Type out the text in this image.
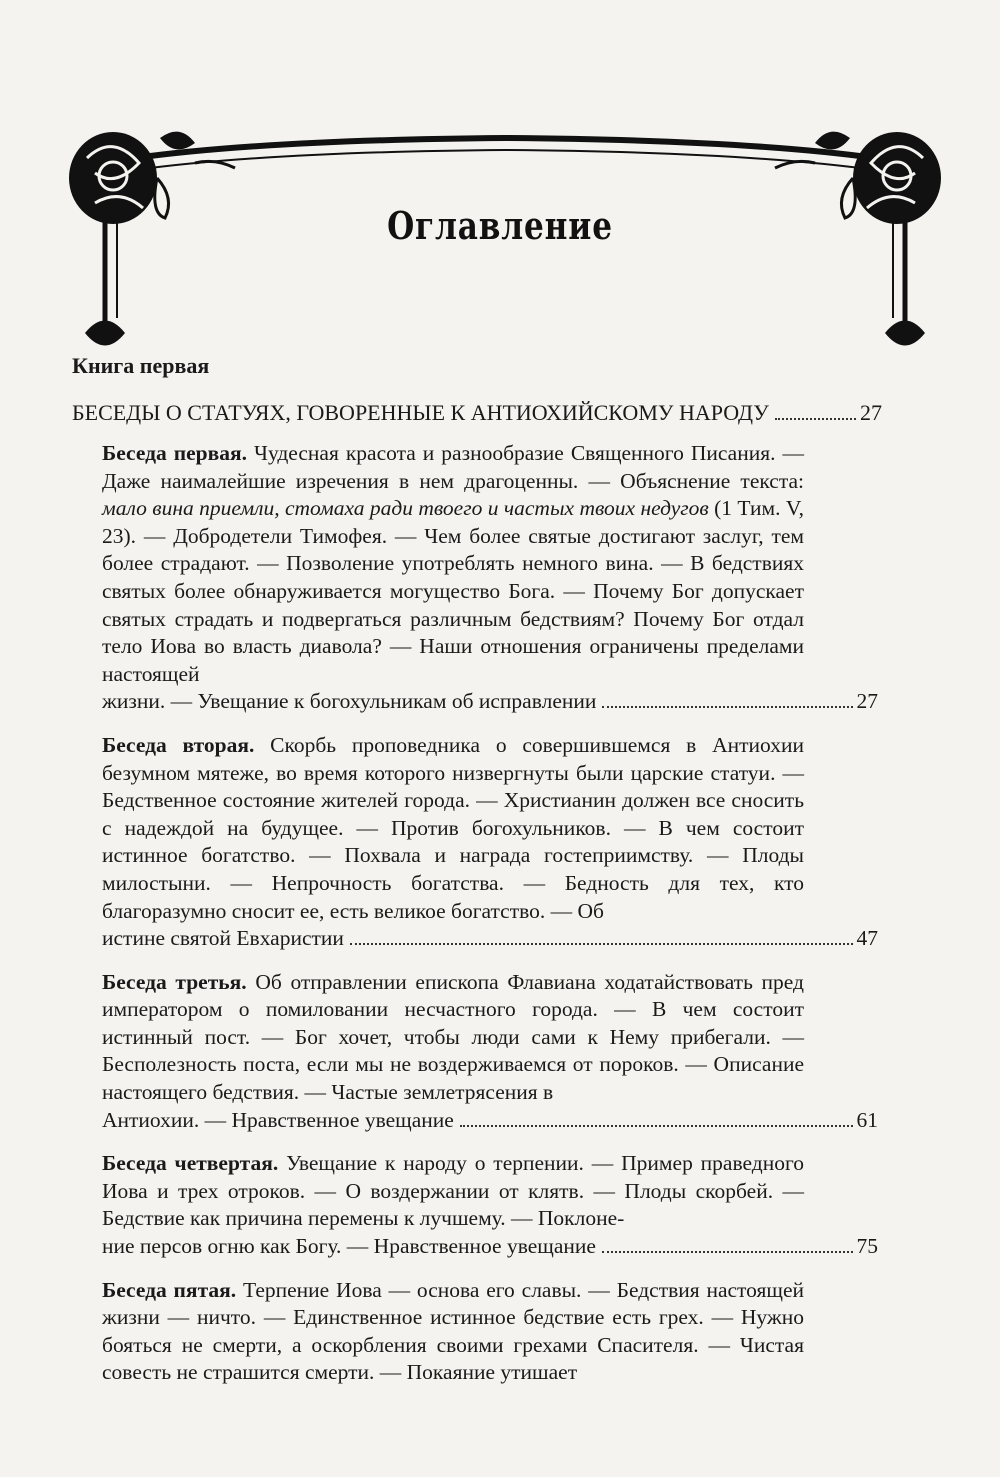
Оглавление
Книга первая
БЕСЕДЫ О СТАТУЯХ, ГОВОРЕННЫЕ К АНТИОХИЙСКОМУ НАРОДУ	27
Беседа первая. Чудесная красота и разнообразие Священного Писания. — Даже наималейшие изречения в нем драгоценны. — Объяснение текста: мало вина приемли, стомаха ради твоего и частых твоих недугов (1 Тим. V, 23). — Добродетели Тимофея. — Чем более святые достигают заслуг, тем более страдают. — Позволение употреблять немного вина. — В бедствиях святых более обнаруживается могущество Бога. — Почему Бог допускает святых страдать и подвергаться различным бедствиям? Почему Бог отдал тело Иова во власть диавола? — Наши отношения ограничены пределами настоящей
жизни. — Увещание к богохульникам об исправлении	27
Беседа вторая. Скорбь проповедника о совершившемся в Антиохии безумном мятеже, во время которого низвергнуты были царские статуи. — Бедственное состояние жителей города. — Христианин должен все сносить с надеждой на будущее. — Против богохульников. — В чем состоит истинное богатство. — Похвала и награда гостеприимству. — Плоды милостыни. — Непрочность богатства. — Бедность для тех, кто благоразумно сносит ее, есть великое богатство. — Об
истине святой Евхаристии	47
Беседа третья. Об отправлении епископа Флавиана ходатайствовать пред императором о помиловании несчастного города. — В чем состоит истинный пост. — Бог хочет, чтобы люди сами к Нему прибегали. — Бесполезность поста, если мы не воздерживаемся от пороков. — Описание настоящего бедствия. — Частые землетрясения в
Антиохии. — Нравственное увещание	61
Беседа четвертая. Увещание к народу о терпении. — Пример праведного Иова и трех отроков. — О воздержании от клятв. — Плоды скорбей. — Бедствие как причина перемены к лучшему. — Поклоне-
ние персов огню как Богу. — Нравственное увещание	75
Беседа пятая. Терпение Иова — основа его славы. — Бедствия настоящей жизни — ничто. — Единственное истинное бедствие есть грех. — Нужно бояться не смерти, а оскорбления своими грехами Спасителя. — Чистая совесть не страшится смерти. — Покаяние утишает
